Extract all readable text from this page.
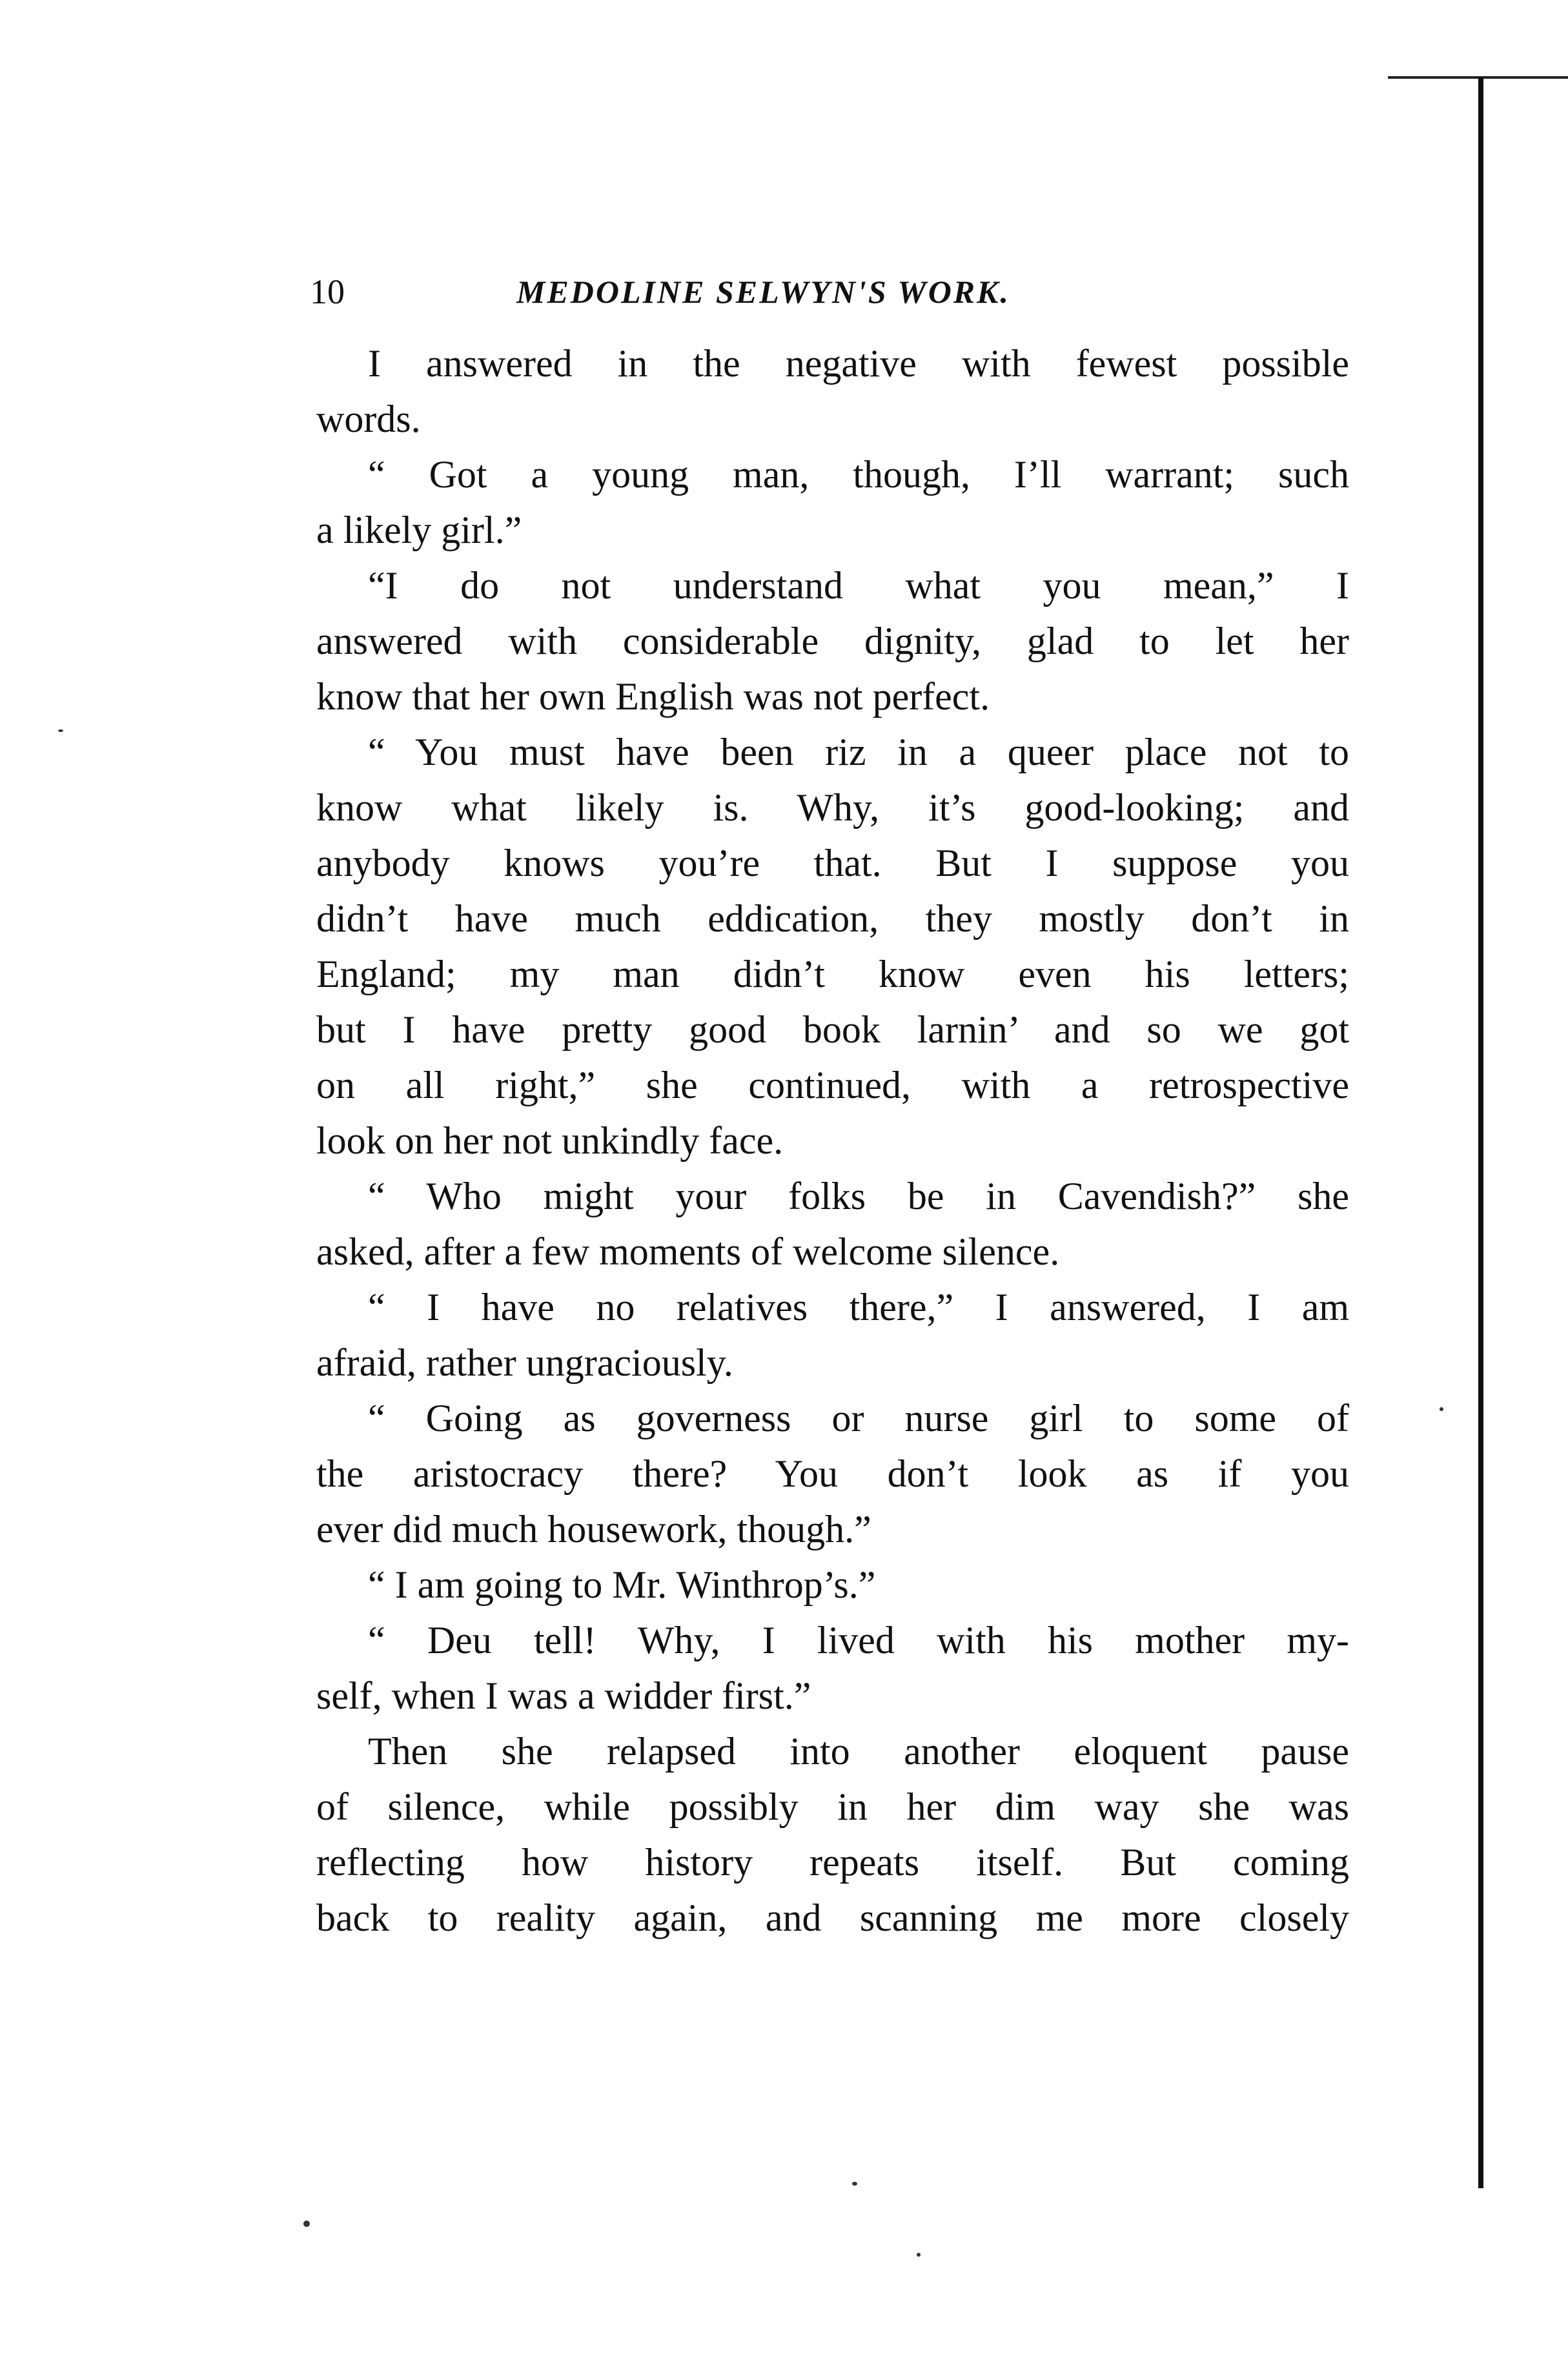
10	MEDOLINE SELWYN'S WORK.
I answered in the negative with fewest possible
words.
“ Got a young man, though, I’ll warrant; such
a likely girl.”
“I do not understand what you mean,” I
answered with considerable dignity, glad to let her
know that her own English was not perfect.
“ You must have been riz in a queer place not to
know what likely is. Why, it’s good-looking; and
anybody knows you’re that. But I suppose you
didn’t have much eddication, they mostly don’t in
England; my man didn’t know even his letters;
but I have pretty good book larnin’ and so we got
on all right,” she continued, with a retrospective
look on her not unkindly face.
“ Who might your folks be in Cavendish?” she
asked, after a few moments of welcome silence.
“ I have no relatives there,” I answered, I am
afraid, rather ungraciously.
“ Going as governess or nurse girl to some of
the aristocracy there? You don’t look as if you
ever did much housework, though.”
“ I am going to Mr. Winthrop’s.”
“ Deu tell! Why, I lived with his mother my-
self, when I was a widder first.”
Then she relapsed into another eloquent pause
of silence, while possibly in her dim way she was
reflecting how history repeats itself. But coming
back to reality again, and scanning me more closely
